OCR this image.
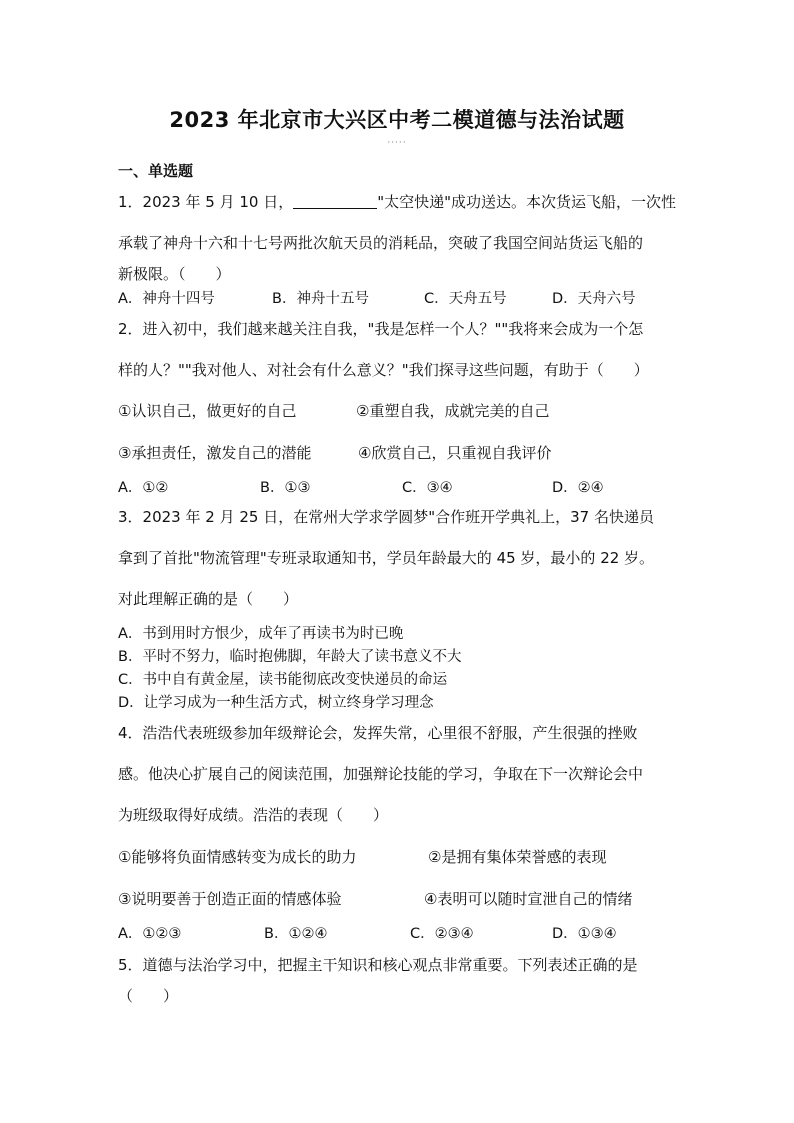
2023 年北京市大兴区中考二模道德与法治试题
·····
一、单选题
1．2023 年 5 月 10 日，	"太空快递"成功送达。本次货运飞船，一次性
承载了神舟十六和十七号两批次航天员的消耗品，突破了我国空间站货运飞船的
新极限。（　　）
A．神舟十四号	B．神舟十五号	C．天舟五号	D．天舟六号
2．进入初中，我们越来越关注自我，"我是怎样一个人？""我将来会成为一个怎
样的人？""我对他人、对社会有什么意义？"我们探寻这些问题，有助于（　　）
①认识自己，做更好的自己	②重塑自我，成就完美的自己
③承担责任，激发自己的潜能	④欣赏自己，只重视自我评价
A．①②	B．①③	C．③④	D．②④
3．2023 年 2 月 25 日，在常州大学求学圆梦"合作班开学典礼上，37 名快递员
拿到了首批"物流管理"专班录取通知书，学员年龄最大的 45 岁，最小的 22 岁。
对此理解正确的是（　　）
A．书到用时方恨少，成年了再读书为时已晚
B．平时不努力，临时抱佛脚，年龄大了读书意义不大
C．书中自有黄金屋，读书能彻底改变快递员的命运
D．让学习成为一种生活方式，树立终身学习理念
4．浩浩代表班级参加年级辩论会，发挥失常，心里很不舒服，产生很强的挫败
感。他决心扩展自己的阅读范围，加强辩论技能的学习，争取在下一次辩论会中
为班级取得好成绩。浩浩的表现（　　）
①能够将负面情感转变为成长的助力	②是拥有集体荣誉感的表现
③说明要善于创造正面的情感体验	④表明可以随时宣泄自己的情绪
A．①②③	B．①②④	C．②③④	D．①③④
5．道德与法治学习中，把握主干知识和核心观点非常重要。下列表述正确的是
（　　）
